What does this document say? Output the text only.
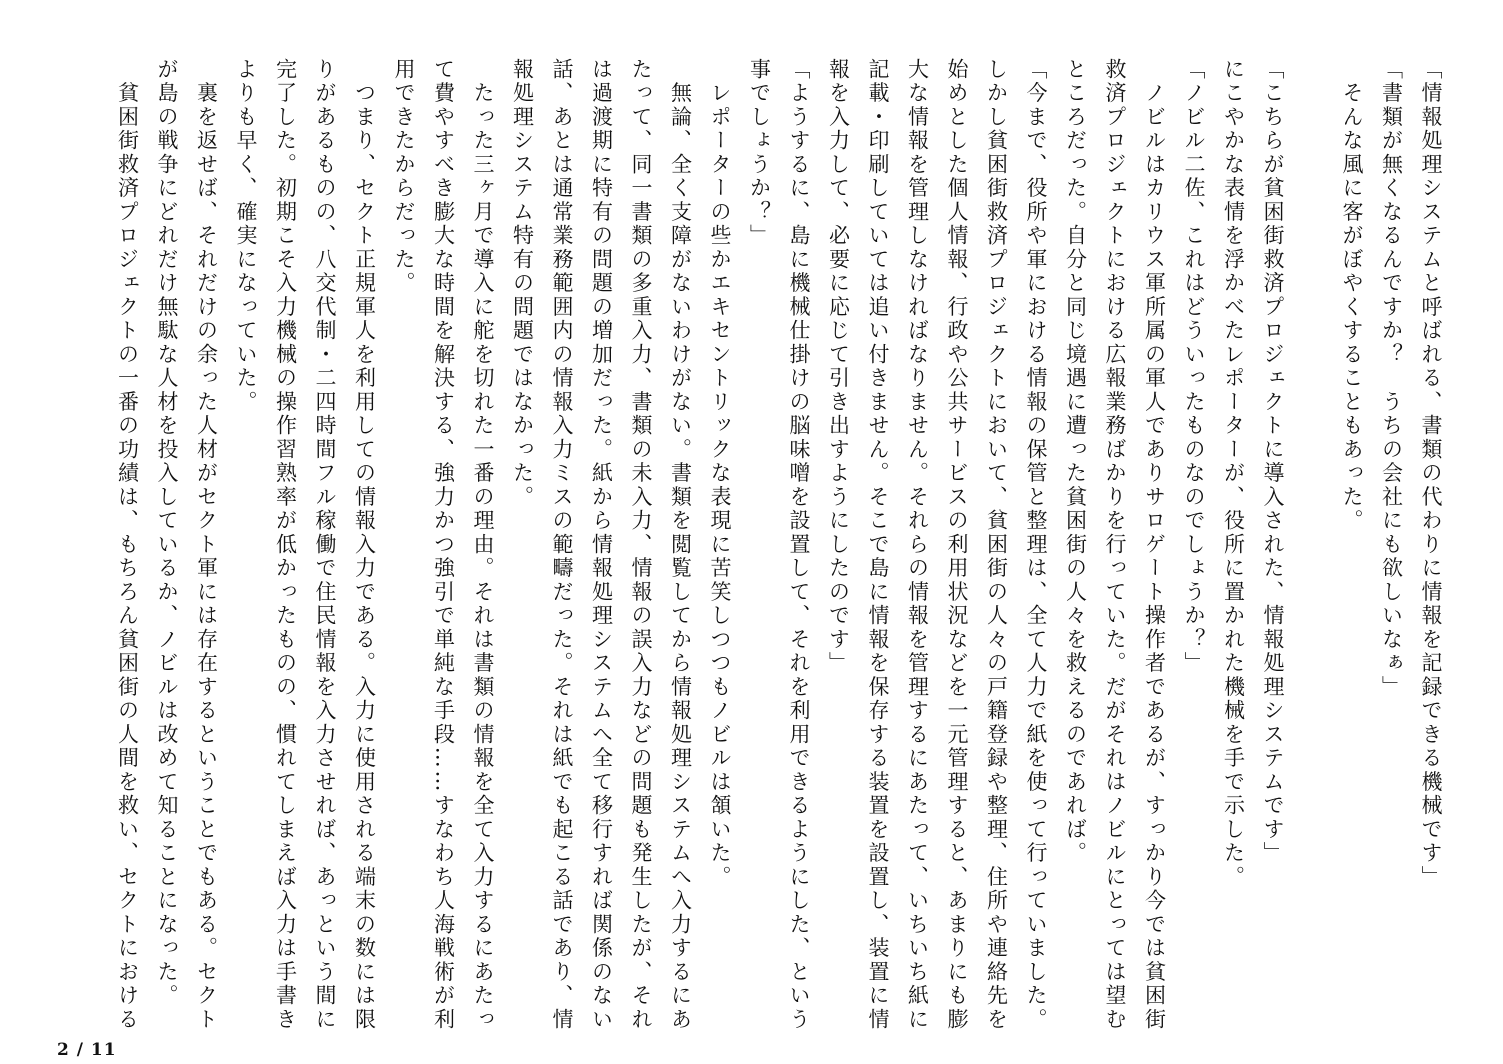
「情報処理システムと呼ばれる、書類の代わりに情報を記録できる機械です」
「書類が無くなるんですか？　うちの会社にも欲しいなぁ」
　そんな風に客がぼやくすることもあった。
「こちらが貧困街救済プロジェクトに導入された、情報処理システムです」
にこやかな表情を浮かべたレポーターが、役所に置かれた機械を手で示した。
「ノビル二佐、これはどういったものなのでしょうか？」
　ノビルはカリウス軍所属の軍人でありサロゲート操作者であるが、すっかり今では貧困街
救済プロジェクトにおける広報業務ばかりを行っていた。だがそれはノビルにとっては望む
ところだった。自分と同じ境遇に遭った貧困街の人々を救えるのであれば。
「今まで、役所や軍における情報の保管と整理は、全て人力で紙を使って行っていました。
しかし貧困街救済プロジェクトにおいて、貧困街の人々の戸籍登録や整理、住所や連絡先を
始めとした個人情報、行政や公共サービスの利用状況などを一元管理すると、あまりにも膨
大な情報を管理しなければなりません。それらの情報を管理するにあたって、いちいち紙に
記載・印刷していては追い付きません。そこで島に情報を保存する装置を設置し、装置に情
報を入力して、必要に応じて引き出すようにしたのです」
「ようするに、島に機械仕掛けの脳味噌を設置して、それを利用できるようにした、という
事でしょうか？」
　レポーターの些かエキセントリックな表現に苦笑しつつもノビルは頷いた。
　無論、全く支障がないわけがない。書類を閲覧してから情報処理システムへ入力するにあ
たって、同一書類の多重入力、書類の未入力、情報の誤入力などの問題も発生したが、それ
は過渡期に特有の問題の増加だった。紙から情報処理システムへ全て移行すれば関係のない
話、あとは通常業務範囲内の情報入力ミスの範疇だった。それは紙でも起こる話であり、情
報処理システム特有の問題ではなかった。
　たった三ヶ月で導入に舵を切れた一番の理由。それは書類の情報を全て入力するにあたっ
て費やすべき膨大な時間を解決する、強力かつ強引で単純な手段……すなわち人海戦術が利
用できたからだった。
　つまり、セクト正規軍人を利用しての情報入力である。入力に使用される端末の数には限
りがあるものの、八交代制・二四時間フル稼働で住民情報を入力させれば、あっという間に
完了した。初期こそ入力機械の操作習熟率が低かったものの、慣れてしまえば入力は手書き
よりも早く、確実になっていた。
　裏を返せば、それだけの余った人材がセクト軍には存在するということでもある。セクト
が島の戦争にどれだけ無駄な人材を投入しているか、ノビルは改めて知ることになった。
　貧困街救済プロジェクトの一番の功績は、もちろん貧困街の人間を救い、セクトにおける
2 / 11
